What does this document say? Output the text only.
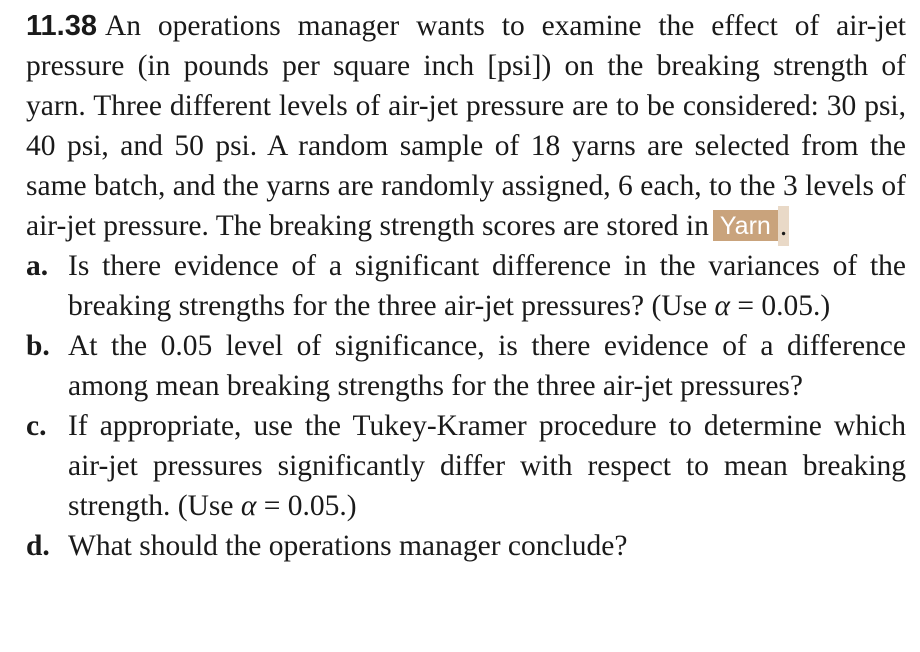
11.38 An operations manager wants to examine the effect of air-jet pressure (in pounds per square inch [psi]) on the breaking strength of yarn. Three different levels of air-jet pressure are to be considered: 30 psi, 40 psi, and 50 psi. A random sample of 18 yarns are selected from the same batch, and the yarns are randomly assigned, 6 each, to the 3 levels of air-jet pressure. The breaking strength scores are stored in Yarn .

a. Is there evidence of a significant difference in the variances of the breaking strengths for the three air-jet pressures? (Use α = 0.05.)
b. At the 0.05 level of significance, is there evidence of a difference among mean breaking strengths for the three air-jet pressures?
c. If appropriate, use the Tukey-Kramer procedure to determine which air-jet pressures significantly differ with respect to mean breaking strength. (Use α = 0.05.)
d. What should the operations manager conclude?
